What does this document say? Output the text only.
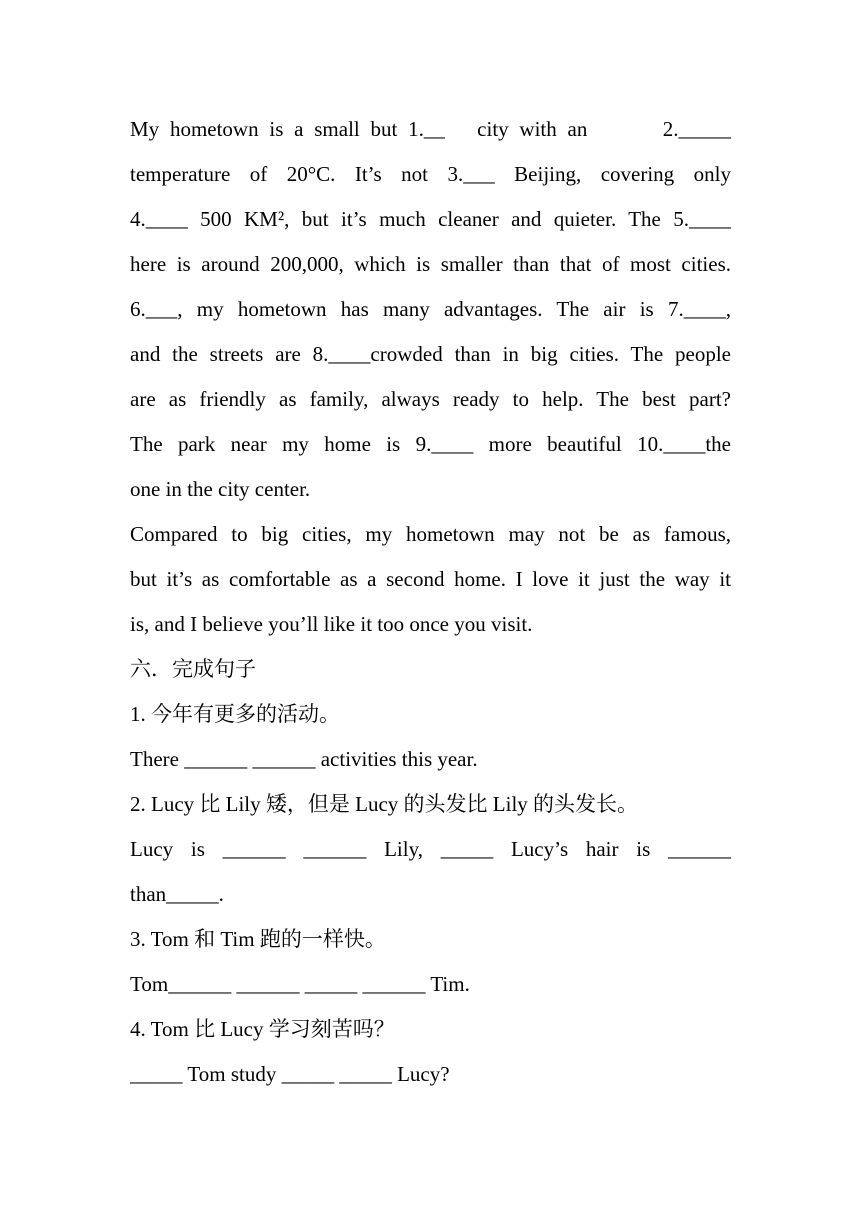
My hometown is a small but 1.__   city with an       2._____
temperature of 20°C. It’s not 3.___ Beijing, covering only
4.____ 500 KM², but it’s much cleaner and quieter. The 5.____
here is around 200,000, which is smaller than that of most cities.
6.___, my hometown has many advantages. The air is 7.____,
and the streets are 8.____crowded than in big cities. The people
are as friendly as family, always ready to help. The best part?
The park near my home is 9.____ more beautiful 10.____the
one in the city center.
Compared to big cities, my hometown may not be as famous,
but it’s as comfortable as a second home. I love it just the way it
is, and I believe you’ll like it too once you visit.
六．完成句子
1. 今年有更多的活动。
There ______ ______ activities this year.
2. Lucy 比 Lily 矮，但是 Lucy 的头发比 Lily 的头发长。
Lucy is ______ ______ Lily, _____ Lucy’s hair is ______
than_____.
3. Tom 和 Tim 跑的一样快。
Tom______ ______ _____ ______ Tim.
4. Tom 比 Lucy 学习刻苦吗？
_____ Tom study _____ _____ Lucy?
